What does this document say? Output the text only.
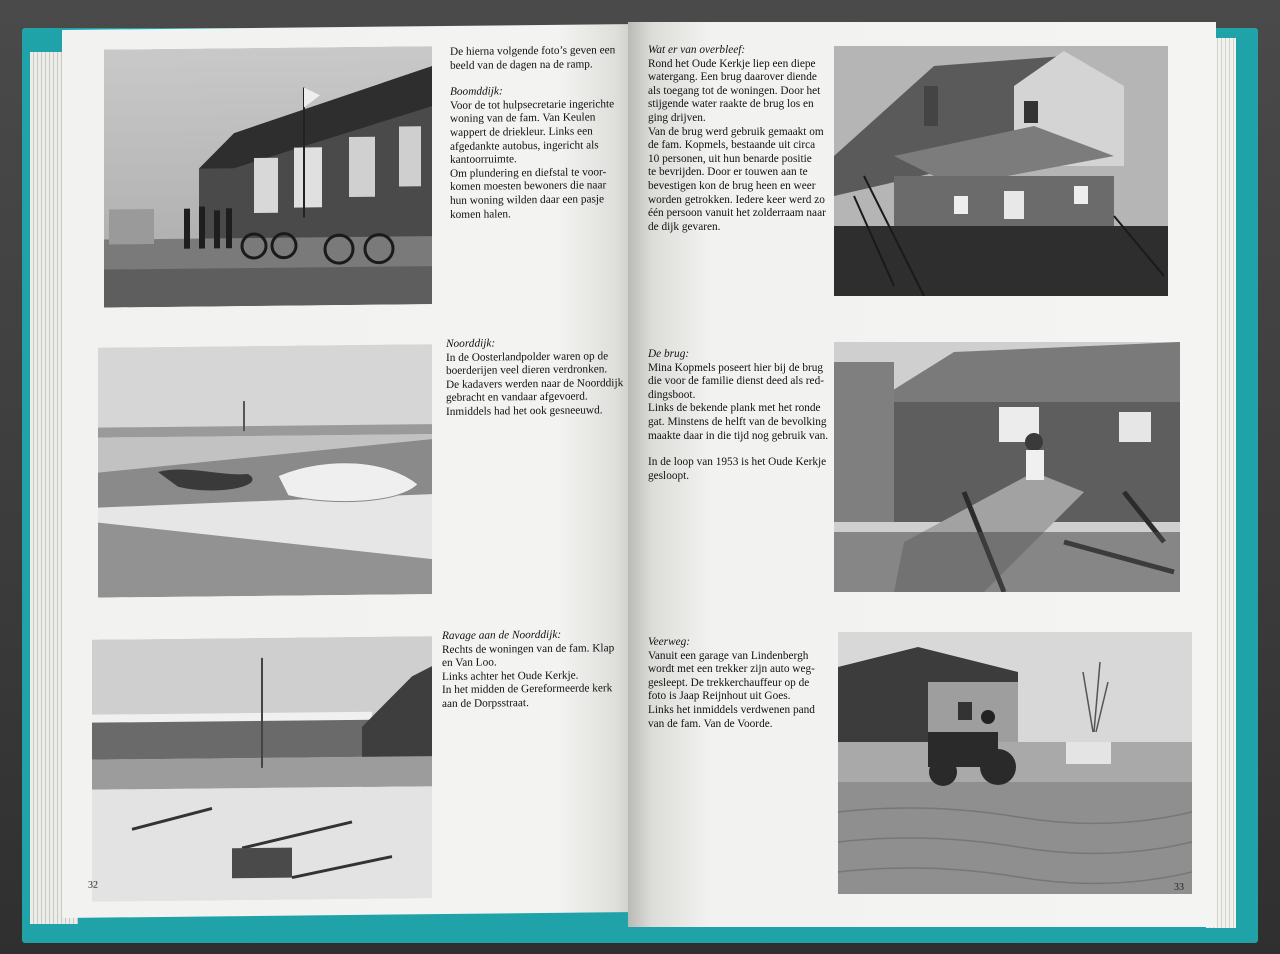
De hierna volgende foto’s geven een

beeld van de dagen na de ramp.

Boomddijk:

Voor de tot hulpsecretarie ingerichte

woning van de fam. Van Keulen

wappert de driekleur. Links een

afgedankte autobus, ingericht als

kantoorruimte.

Om plundering en diefstal te voor-

komen moesten bewoners die naar

hun woning wilden daar een pasje

komen halen.

Noorddijk:

In de Oosterlandpolder waren op de

boerderijen veel dieren verdronken.

De kadavers werden naar de Noorddijk

gebracht en vandaar afgevoerd.

Inmiddels had het ook gesneeuwd.

Ravage aan de Noorddijk:

Rechts de woningen van de fam. Klap

en Van Loo.

Links achter het Oude Kerkje.

In het midden de Gereformeerde kerk

aan de Dorpsstraat.

32

Wat er van overbleef:

Rond het Oude Kerkje liep een diepe

watergang. Een brug daarover diende

als toegang tot de woningen. Door het

stijgende water raakte de brug los en

ging drijven.

Van de brug werd gebruik gemaakt om

de fam. Kopmels, bestaande uit circa

10 personen, uit hun benarde positie

te bevrijden. Door er touwen aan te

bevestigen kon de brug heen en weer

worden getrokken. Iedere keer werd zo

één persoon vanuit het zolderraam naar

de dijk gevaren.

De brug:

Mina Kopmels poseert hier bij de brug

die voor de familie dienst deed als red-

dingsboot.

Links de bekende plank met het ronde

gat. Minstens de helft van de bevolking

maakte daar in die tijd nog gebruik van.

In de loop van 1953 is het Oude Kerkje

gesloopt.

Veerweg:

Vanuit een garage van Lindenbergh

wordt met een trekker zijn auto weg-

gesleept. De trekkerchauffeur op de

foto is Jaap Reijnhout uit Goes.

Links het inmiddels verdwenen pand

van de fam. Van de Voorde.

33
